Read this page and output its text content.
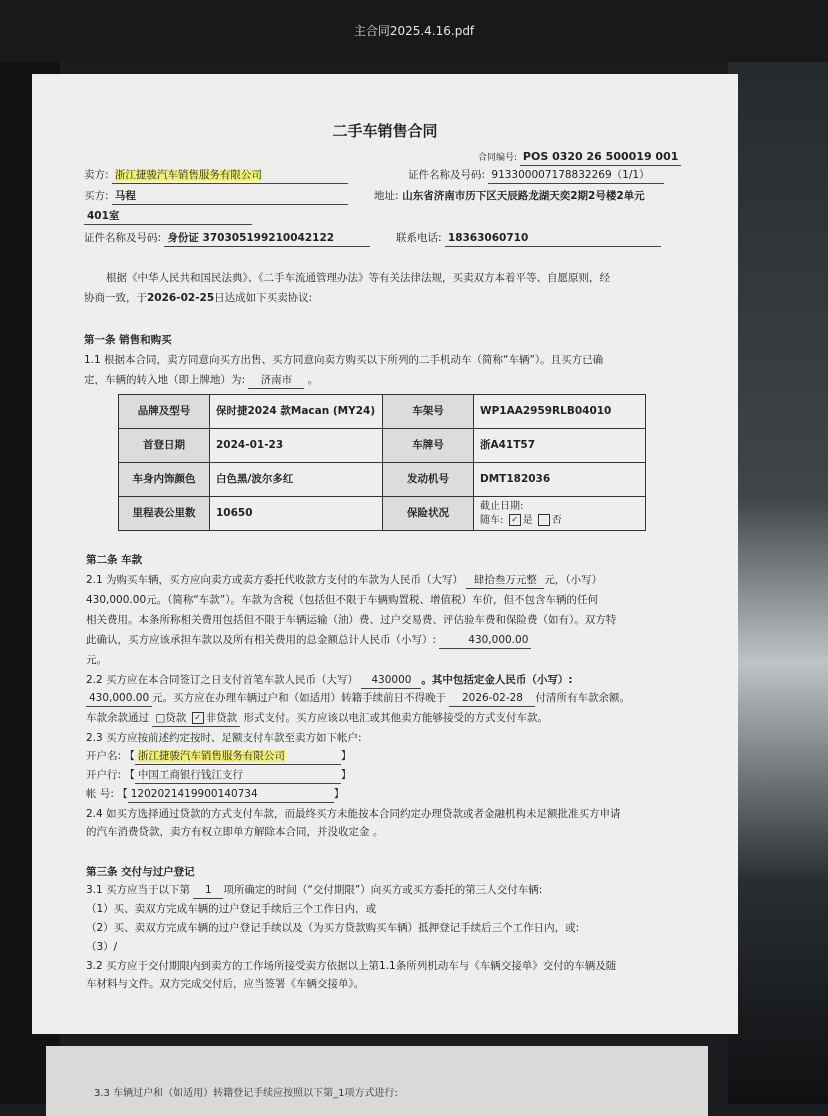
主合同2025.4.16.pdf
二手车销售合同
合同编号: POS 0320 26 500019 001
卖方: 浙江捷骏汽车销售服务有限公司	证件名称及号码: 913300007178832269（1/1）
买方: 马程	地址: 山东省济南市历下区天辰路龙湖天奕2期2号楼2单元
401室
证件名称及号码: 身份证 370305199210042122	联系电话: 18363060710
根据《中华人民共和国民法典》、《二手车流通管理办法》等有关法律法规，买卖双方本着平等、自愿原则，经
协商一致，于2026-02-25日达成如下买卖协议:
第一条 销售和购买
1.1 根据本合同，卖方同意向买方出售、买方同意向卖方购买以下所列的二手机动车（简称“车辆”）。且买方已确
定，车辆的转入地（即上牌地）为: 济南市 。
品牌及型号	保时捷2024 款Macan (MY24)	车架号	WP1AA2959RLB04010
首登日期	2024-01-23	车牌号	浙A41T57
车身内饰颜色	白色黑/波尔多红	发动机号	DMT182036
里程表公里数	10650	保险状况	截止日期:
随车: ✓ 是 否
第二条 车款
2.1 为购买车辆，买方应向卖方或卖方委托代收款方支付的车款为人民币（大写） 肆拾叁万元整 元，（小写）
430,000.00元。（简称“车款”）。车款为含税（包括但不限于车辆购置税、增值税）车价，但不包含车辆的任何
相关费用。本条所称相关费用包括但不限于车辆运输（油）费、过户交易费、评估验车费和保险费（如有）。双方特
此确认，买方应该承担车款以及所有相关费用的总金额总计人民币（小写）:	430,000.00
元。
2.2 买方应在本合同签订之日支付首笔车款人民币（大写） 430000 。其中包括定金人民币（小写）:
430,000.00 元。买方应在办理车辆过户和（如适用）转籍手续前日不得晚于 2026-02-28 付清所有车款余额。
车款余款通过 □贷款 ✓ 非贷款 形式支付。买方应该以电汇或其他卖方能够接受的方式支付车款。
2.3 买方应按前述约定按时、足额支付车款至卖方如下帐户:
开户名: 【 浙江捷骏汽车销售服务有限公司	】
开户行: 【 中国工商银行钱江支行	】
帐 号: 【 1202021419900140734	】
2.4 如买方选择通过贷款的方式支付车款，而最终买方未能按本合同约定办理贷款或者金融机构未足额批准买方申请
的汽车消费贷款，卖方有权立即单方解除本合同，并没收定金 。
第三条 交付与过户登记
3.1 买方应当于以下第 1 项所确定的时间（“交付期限”）向买方或买方委托的第三人交付车辆:
（1）买、卖双方完成车辆的过户登记手续后三个工作日内，或
（2）买、卖双方完成车辆的过户登记手续以及（为买方贷款购买车辆）抵押登记手续后三个工作日内，或:
（3）/
3.2 买方应于交付期限内到卖方的工作场所接受卖方依据以上第1.1条所列机动车与《车辆交接单》交付的车辆及随
车材料与文件。双方完成交付后，应当签署《车辆交接单》。
3.3 车辆过户和（如适用）转籍登记手续应按照以下第_1项方式进行:
